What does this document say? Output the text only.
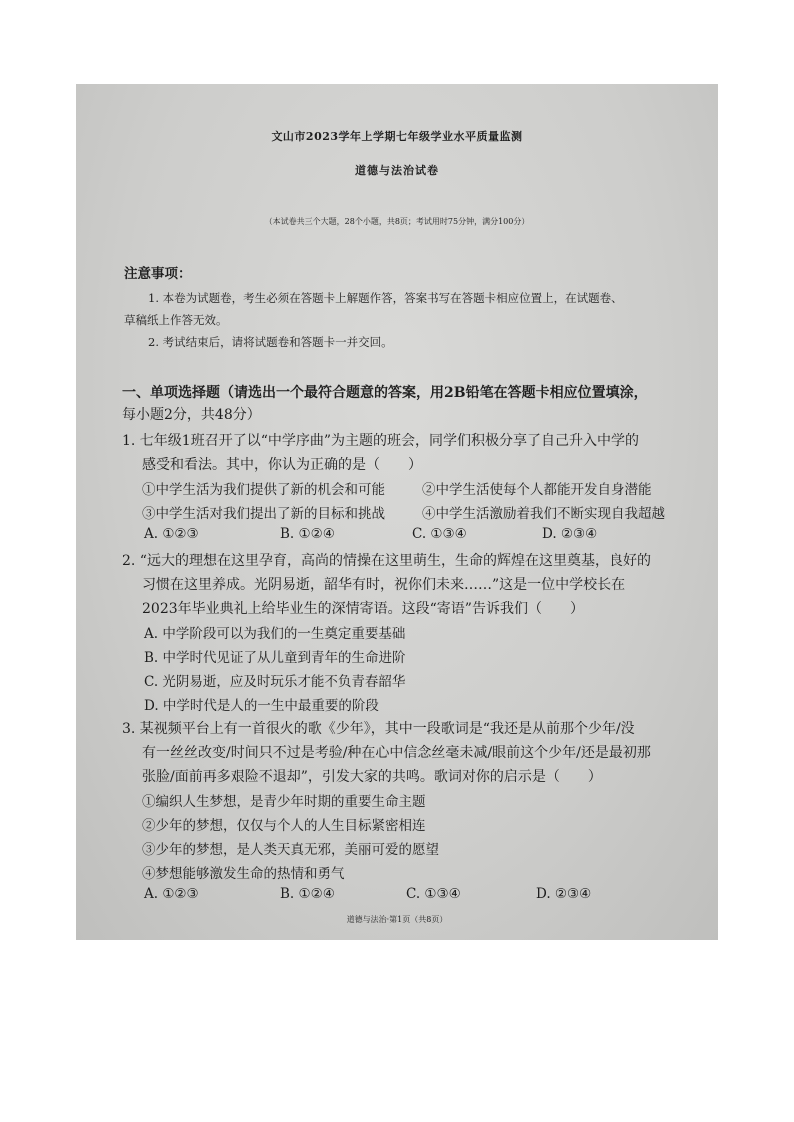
文山市2023学年上学期七年级学业水平质量监测
道德与法治试卷
（本试卷共三个大题，28个小题，共8页；考试用时75分钟，满分100分）
注意事项：
1. 本卷为试题卷，考生必须在答题卡上解题作答，答案书写在答题卡相应位置上，在试题卷、
草稿纸上作答无效。
2. 考试结束后，请将试题卷和答题卡一并交回。
一、单项选择题（请选出一个最符合题意的答案，用2B铅笔在答题卡相应位置填涂，
每小题2分，共48分）
1. 七年级1班召开了以“中学序曲”为主题的班会，同学们积极分享了自己升入中学的
感受和看法。其中，你认为正确的是（　　）
①中学生活为我们提供了新的机会和可能	②中学生活使每个人都能开发自身潜能
③中学生活对我们提出了新的目标和挑战	④中学生活激励着我们不断实现自我超越
A. ①②③	B. ①②④	C. ①③④	D. ②③④
2. “远大的理想在这里孕育，高尚的情操在这里萌生，生命的辉煌在这里奠基，良好的
习惯在这里养成。光阴易逝，韶华有时，祝你们未来……”这是一位中学校长在
2023年毕业典礼上给毕业生的深情寄语。这段“寄语”告诉我们（　　）
A. 中学阶段可以为我们的一生奠定重要基础
B. 中学时代见证了从儿童到青年的生命进阶
C. 光阴易逝，应及时玩乐才能不负青春韶华
D. 中学时代是人的一生中最重要的阶段
3. 某视频平台上有一首很火的歌《少年》，其中一段歌词是“我还是从前那个少年/没
有一丝丝改变/时间只不过是考验/种在心中信念丝毫未减/眼前这个少年/还是最初那
张脸/面前再多艰险不退却”，引发大家的共鸣。歌词对你的启示是（　　）
①编织人生梦想，是青少年时期的重要生命主题
②少年的梦想，仅仅与个人的人生目标紧密相连
③少年的梦想，是人类天真无邪，美丽可爱的愿望
④梦想能够激发生命的热情和勇气
A. ①②③	B. ①②④	C. ①③④	D. ②③④
道德与法治·第1页（共8页）
